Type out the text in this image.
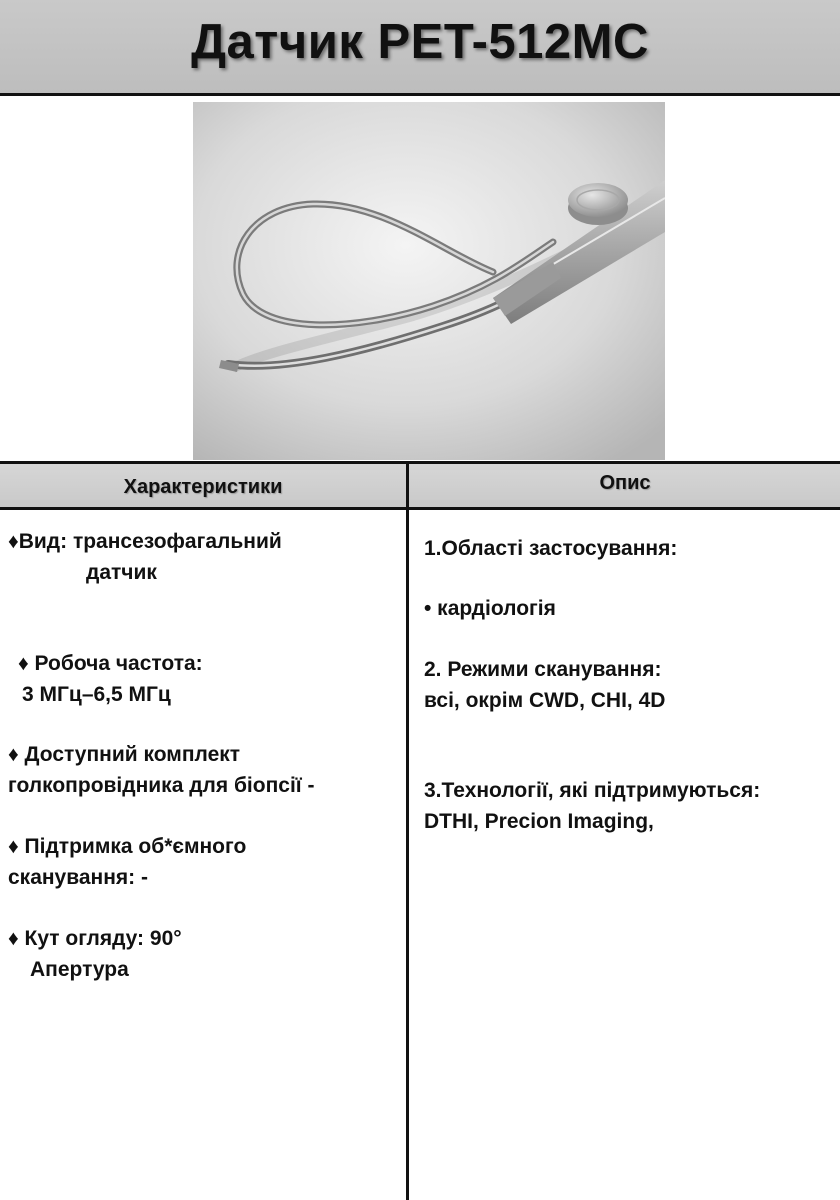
Датчик PET-512MC
Характеристики	Опис
♦Вид: трансезофагальний
датчик
♦ Робоча частота:
3 МГц–6,5 МГц
♦ Доступний комплект
голкопровідника для біопсії -
♦ Підтримка об*ємного
сканування: -
♦ Кут огляду: 90°
Апертура
1.Області застосування:
• кардіологія
2. Режими сканування:
всі, окрім CWD, CHI, 4D
3.Технології, які підтримуються:
DTHI, Precion Imaging,
